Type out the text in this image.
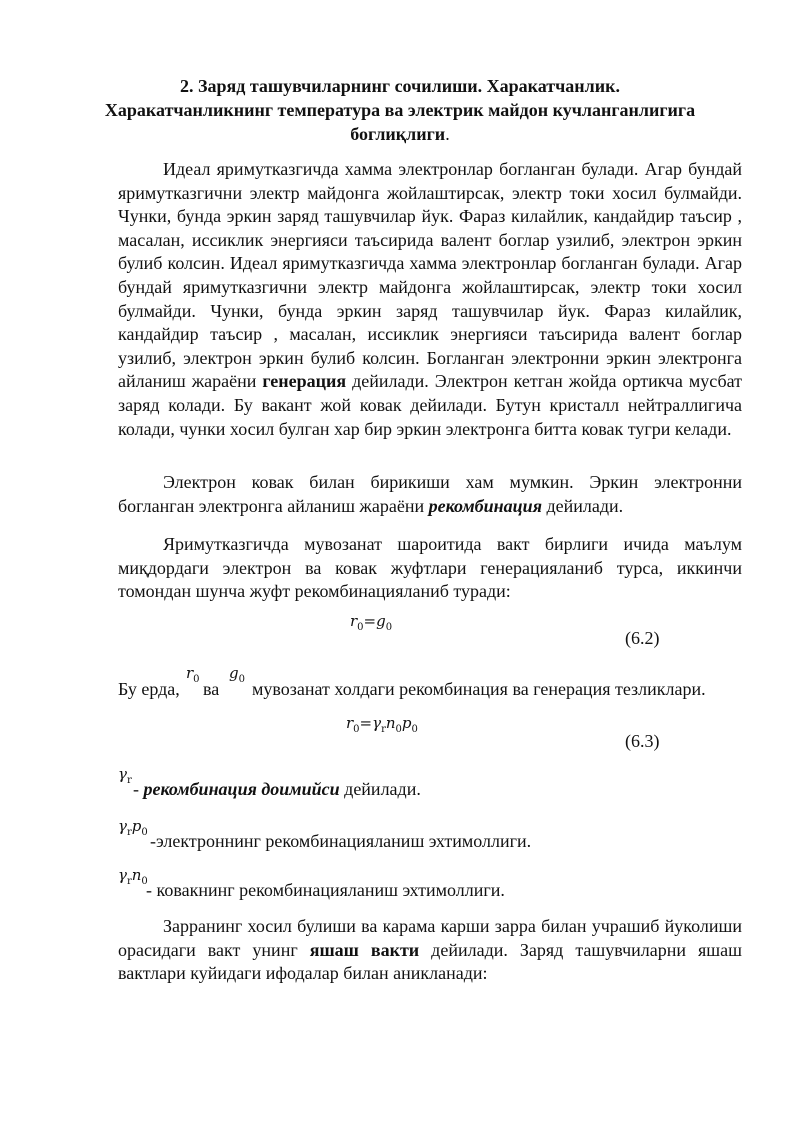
2. Заряд ташувчиларнинг сочилиши. Харакатчанлик.
Харакатчанликнинг температура ва электрик майдон кучланганлигига
боглиқлиги.
Идеал яримутказгичда хамма электронлар богланган булади. Агар бундай яримутказгични электр майдонга жойлаштирсак, электр токи хосил булмайди. Чунки, бунда эркин заряд ташувчилар йук. Фараз килайлик, кандайдир таъсир , масалан, иссиклик энергияси таъсирида валент боглар узилиб, электрон эркин булиб колсин. Идеал яримутказгичда хамма электронлар богланган булади. Агар бундай яримутказгични электр майдонга жойлаштирсак, электр токи хосил булмайди. Чунки, бунда эркин заряд ташувчилар йук. Фараз килайлик, кандайдир таъсир , масалан, иссиклик энергияси таъсирида валент боглар узилиб, электрон эркин булиб колсин. Богланган электронни эркин электронга айланиш жараёни генерация дейилади. Электрон кетган жойда ортикча мусбат заряд колади. Бу вакант жой ковак дейилади. Бутун кристалл нейтраллигича колади, чунки хосил булган хар бир эркин электронга битта ковак тугри келади.
Электрон ковак билан бирикиши хам мумкин. Эркин электронни богланган электронга айланиш жараёни рекомбинация дейилади.
Яримутказгичда мувозанат шароитида вакт бирлиги ичида маълум миқдордаги электрон ва ковак жуфтлари генерацияланиб турса, иккинчи томондан шунча жуфт рекомбинацияланиб туради:
$r_0=g_0$
(6.2)
Бу ерда,
$r_0$ ва
$g_0$ мувозанат холдаги рекомбинация ва генерация тезликлари.
$r_0=\gamma_rn_0p_0$
(6.3)
$\gamma_r$ - рекомбинация доимийси дейилади.
$\gamma_rp_0$ -электроннинг рекомбинацияланиш эхтимоллиги.
$\gamma_rn_0$
- ковакнинг рекомбинацияланиш эхтимоллиги.
Зарранинг хосил булиши ва карама карши зарра билан учрашиб йуколиши орасидаги вакт унинг яшаш вакти дейилади. Заряд ташувчиларни яшаш вактлари куйидаги ифодалар билан аникланади:
